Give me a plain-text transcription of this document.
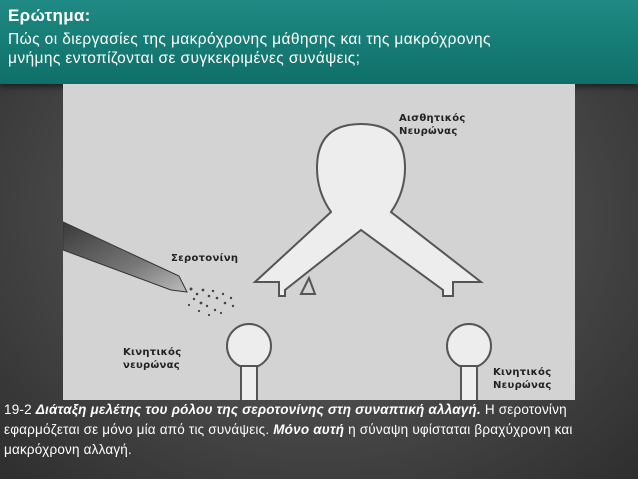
Ερώτημα:
Πώς οι διεργασίες της μακρόχρονης μάθησης και της μακρόχρονης
μνήμης εντοπίζονται σε συγκεκριμένες συνάψεις;
Αισθητικός
Νευρώνας
Σεροτονίνη
Κινητικός
νευρώνας
Κινητικός
Νευρώνας
19-2 Διάταξη μελέτης του ρόλου της σεροτονίνης στη συναπτική αλλαγή. Η σεροτονίνη εφαρμόζεται σε μόνο μία από τις συνάψεις. Μόνο αυτή η σύναψη υφίσταται βραχύχρονη και μακρόχρονη αλλαγή.
